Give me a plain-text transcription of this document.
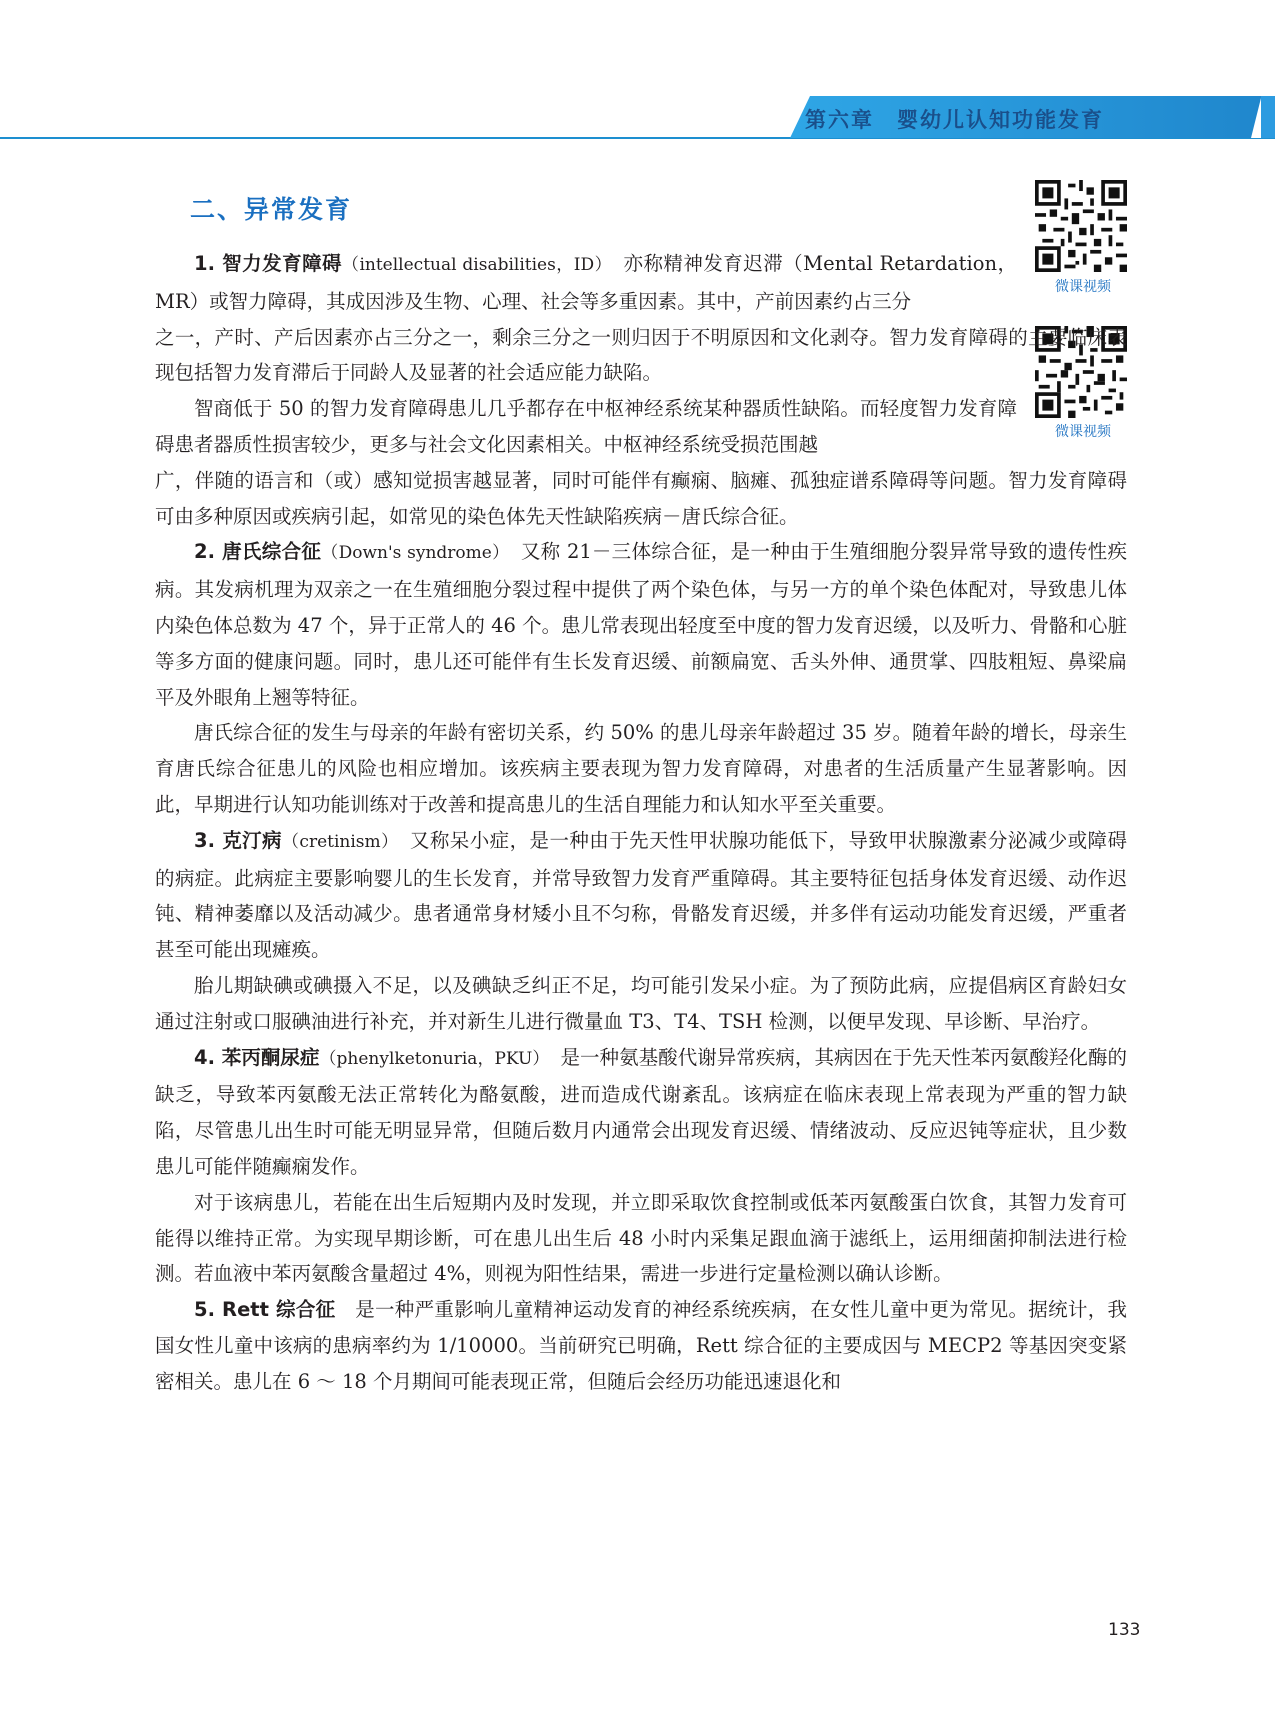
第六章　婴幼儿认知功能发育
二、异常发育
微课视频
微课视频

1. 智力发育障碍（intellectual disabilities，ID）　亦称精神发育迟滞（Mental Retardation，MR）或智力障碍，其成因涉及生物、心理、社会等多重因素。其中，产前因素约占三分

之一，产时、产后因素亦占三分之一，剩余三分之一则归因于不明原因和文化剥夺。智力发育障碍的主要临床表现包括智力发育滞后于同龄人及显著的社会适应能力缺陷。

智商低于 50 的智力发育障碍患儿几乎都存在中枢神经系统某种器质性缺陷。而轻度智力发育障碍患者器质性损害较少，更多与社会文化因素相关。中枢神经系统受损范围越

广，伴随的语言和（或）感知觉损害越显著，同时可能伴有癫痫、脑瘫、孤独症谱系障碍等问题。智力发育障碍可由多种原因或疾病引起，如常见的染色体先天性缺陷疾病－唐氏综合征。

2. 唐氏综合征（Down's syndrome）　又称 21－三体综合征，是一种由于生殖细胞分裂异常导致的遗传性疾病。其发病机理为双亲之一在生殖细胞分裂过程中提供了两个染色体，与另一方的单个染色体配对，导致患儿体内染色体总数为 47 个，异于正常人的 46 个。患儿常表现出轻度至中度的智力发育迟缓，以及听力、骨骼和心脏等多方面的健康问题。同时，患儿还可能伴有生长发育迟缓、前额扁宽、舌头外伸、通贯掌、四肢粗短、鼻梁扁平及外眼角上翘等特征。

唐氏综合征的发生与母亲的年龄有密切关系，约 50% 的患儿母亲年龄超过 35 岁。随着年龄的增长，母亲生育唐氏综合征患儿的风险也相应增加。该疾病主要表现为智力发育障碍，对患者的生活质量产生显著影响。因此，早期进行认知功能训练对于改善和提高患儿的生活自理能力和认知水平至关重要。

3. 克汀病（cretinism）　又称呆小症，是一种由于先天性甲状腺功能低下，导致甲状腺激素分泌减少或障碍的病症。此病症主要影响婴儿的生长发育，并常导致智力发育严重障碍。其主要特征包括身体发育迟缓、动作迟钝、精神萎靡以及活动减少。患者通常身材矮小且不匀称，骨骼发育迟缓，并多伴有运动功能发育迟缓，严重者甚至可能出现瘫痪。

胎儿期缺碘或碘摄入不足，以及碘缺乏纠正不足，均可能引发呆小症。为了预防此病，应提倡病区育龄妇女通过注射或口服碘油进行补充，并对新生儿进行微量血 T3、T4、TSH 检测，以便早发现、早诊断、早治疗。

4. 苯丙酮尿症（phenylketonuria，PKU）　是一种氨基酸代谢异常疾病，其病因在于先天性苯丙氨酸羟化酶的缺乏，导致苯丙氨酸无法正常转化为酪氨酸，进而造成代谢紊乱。该病症在临床表现上常表现为严重的智力缺陷，尽管患儿出生时可能无明显异常，但随后数月内通常会出现发育迟缓、情绪波动、反应迟钝等症状，且少数患儿可能伴随癫痫发作。

对于该病患儿，若能在出生后短期内及时发现，并立即采取饮食控制或低苯丙氨酸蛋白饮食，其智力发育可能得以维持正常。为实现早期诊断，可在患儿出生后 48 小时内采集足跟血滴于滤纸上，运用细菌抑制法进行检测。若血液中苯丙氨酸含量超过 4%，则视为阳性结果，需进一步进行定量检测以确认诊断。

5. Rett 综合征　是一种严重影响儿童精神运动发育的神经系统疾病，在女性儿童中更为常见。据统计，我国女性儿童中该病的患病率约为 1/10000。当前研究已明确，Rett 综合征的主要成因与 MECP2 等基因突变紧密相关。患儿在 6 ～ 18 个月期间可能表现正常，但随后会经历功能迅速退化和

133
